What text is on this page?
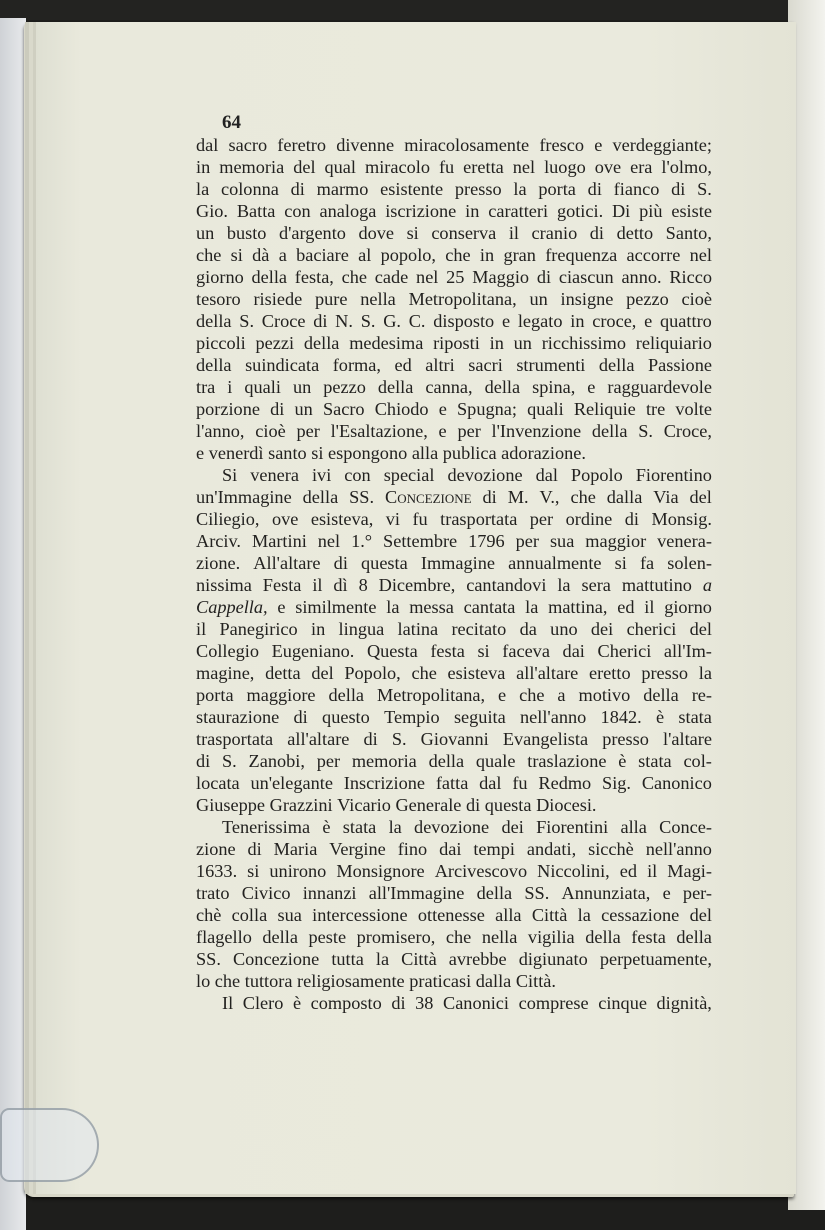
64
dal sacro feretro divenne miracolosamente fresco e verdeggiante;
in memoria del qual miracolo fu eretta nel luogo ove era l'olmo,
la colonna di marmo esistente presso la porta di fianco di S.
Gio. Batta con analoga iscrizione in caratteri gotici. Di più esiste
un busto d'argento dove si conserva il cranio di detto Santo,
che si dà a baciare al popolo, che in gran frequenza accorre nel
giorno della festa, che cade nel 25 Maggio di ciascun anno. Ricco
tesoro risiede pure nella Metropolitana, un insigne pezzo cioè
della S. Croce di N. S. G. C. disposto e legato in croce, e quattro
piccoli pezzi della medesima riposti in un ricchissimo reliquiario
della suindicata forma, ed altri sacri strumenti della Passione
tra i quali un pezzo della canna, della spina, e ragguardevole
porzione di un Sacro Chiodo e Spugna; quali Reliquie tre volte
l'anno, cioè per l'Esaltazione, e per l'Invenzione della S. Croce,
e venerdì santo si espongono alla publica adorazione.
Si venera ivi con special devozione dal Popolo Fiorentino
un'Immagine della SS. Concezione di M. V., che dalla Via del
Ciliegio, ove esisteva, vi fu trasportata per ordine di Monsig.
Arciv. Martini nel 1.° Settembre 1796 per sua maggior venera-
zione. All'altare di questa Immagine annualmente si fa solen-
nissima Festa il dì 8 Dicembre, cantandovi la sera mattutino a
Cappella, e similmente la messa cantata la mattina, ed il giorno
il Panegirico in lingua latina recitato da uno dei cherici del
Collegio Eugeniano. Questa festa si faceva dai Cherici all'Im-
magine, detta del Popolo, che esisteva all'altare eretto presso la
porta maggiore della Metropolitana, e che a motivo della re-
staurazione di questo Tempio seguita nell'anno 1842. è stata
trasportata all'altare di S. Giovanni Evangelista presso l'altare
di S. Zanobi, per memoria della quale traslazione è stata col-
locata un'elegante Inscrizione fatta dal fu Redmo Sig. Canonico
Giuseppe Grazzini Vicario Generale di questa Diocesi.
Tenerissima è stata la devozione dei Fiorentini alla Conce-
zione di Maria Vergine fino dai tempi andati, sicchè nell'anno
1633. si unirono Monsignore Arcivescovo Niccolini, ed il Magi-
trato Civico innanzi all'Immagine della SS. Annunziata, e per-
chè colla sua intercessione ottenesse alla Città la cessazione del
flagello della peste promisero, che nella vigilia della festa della
SS. Concezione tutta la Città avrebbe digiunato perpetuamente,
lo che tuttora religiosamente praticasi dalla Città.
Il Clero è composto di 38 Canonici comprese cinque dignità,
